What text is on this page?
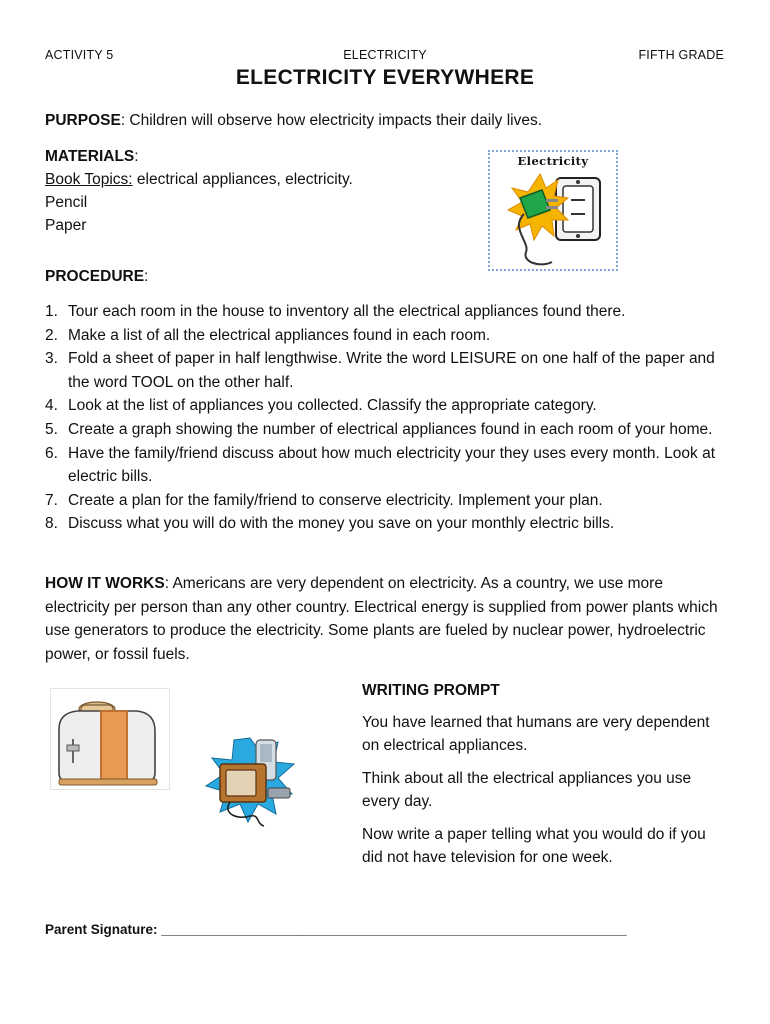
ACTIVITY 5	ELECTRICITY	FIFTH GRADE
ELECTRICITY EVERYWHERE
PURPOSE: Children will observe how electricity impacts their daily lives.
MATERIALS:
Book Topics: electrical appliances, electricity.
Pencil
Paper
Electricity
PROCEDURE:
1. Tour each room in the house to inventory all the electrical appliances found there.
2. Make a list of all the electrical appliances found in each room.
3. Fold a sheet of paper in half lengthwise. Write the word LEISURE on one half of the paper and the word TOOL on the other half.
4. Look at the list of appliances you collected. Classify the appropriate category.
5. Create a graph showing the number of electrical appliances found in each room of your home.
6. Have the family/friend discuss about how much electricity your they uses every month. Look at electric bills.
7. Create a plan for the family/friend to conserve electricity. Implement your plan.
8. Discuss what you will do with the money you save on your monthly electric bills.
HOW IT WORKS: Americans are very dependent on electricity. As a country, we use more electricity per person than any other country. Electrical energy is supplied from power plants which use generators to produce the electricity. Some plants are fueled by nuclear power, hydroelectric power, or fossil fuels.
WRITING PROMPT
You have learned that humans are very dependent on electrical appliances.
Think about all the electrical appliances you use every day.
Now write a paper telling what you would do if you did not have television for one week.
Parent Signature: ______________________________________________________________
